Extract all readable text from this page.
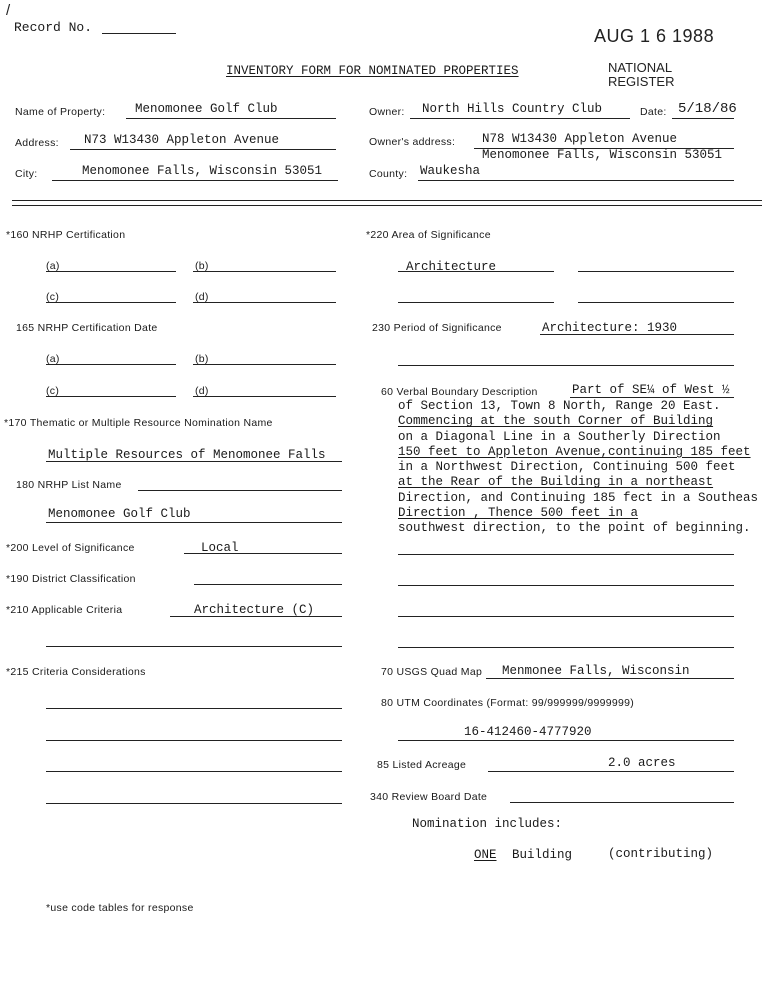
/
Record No.	AUG 1 6 1988
NATIONAL
REGISTER
INVENTORY FORM FOR NOMINATED PROPERTIES
Name of Property: Menomonee Golf Club
Address: N73 W13430 Appleton Avenue
City:	Menomonee Falls, Wisconsin 53051
Owner: North Hills Country Club	Date: 5/18/86
Owner's address: N78 W13430 Appleton Avenue
Menomonee Falls, Wisconsin 53051
County: Waukesha
*160 NRHP Certification
(a)	(b)
(c)	(d)
165 NRHP Certification Date
(a)	(b)
(c)	(d)
*170 Thematic or Multiple Resource Nomination Name
Multiple Resources of Menomonee Falls
180 NRHP List Name
Menomonee Golf Club
*200 Level of Significance	Local
*190 District Classification
*210 Applicable Criteria	Architecture (C)
*215 Criteria Considerations
*use code tables for response
*220 Area of Significance
Architecture
230 Period of Significance	Architecture: 1930
60 Verbal Boundary Description	Part of SE¼ of West ½
of Section 13, Town 8 North, Range 20 East.
Commencing at the south Corner of Building
on a Diagonal Line in a Southerly Direction
150 feet to Appleton Avenue,continuing 185 feet
in a Northwest Direction, Continuing 500 feet
at the Rear of the Building in a northeast
Direction, and Continuing 185 fect in a Southeas
Direction , Thence 500 feet in a
southwest direction, to the point of beginning.
70 USGS Quad Map Menmonee Falls, Wisconsin
80 UTM Coordinates (Format: 99/999999/9999999)
16-412460-4777920
85 Listed Acreage	2.0 acres
340 Review Board Date
Nomination includes:
ONE Building	(contributing)
